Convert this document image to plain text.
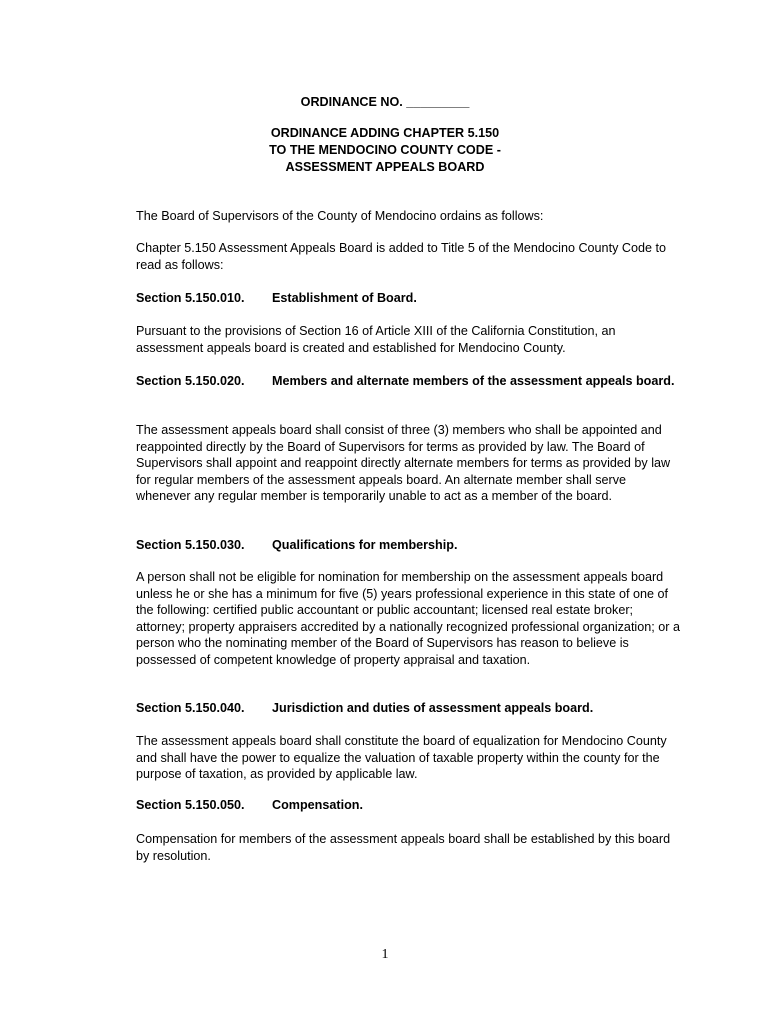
ORDINANCE NO. _________

ORDINANCE ADDING CHAPTER 5.150

TO THE MENDOCINO COUNTY CODE -

ASSESSMENT APPEALS BOARD

The Board of Supervisors of the County of Mendocino ordains as follows:

Chapter 5.150 Assessment Appeals Board is added to Title 5 of the Mendocino County Code to read as follows:

Section 5.150.010.	Establishment of Board.

Pursuant to the provisions of Section 16 of Article XIII of the California Constitution, an assessment appeals board is created and established for Mendocino County.

Section 5.150.020.	Members and alternate members of the assessment appeals board.

The assessment appeals board shall consist of three (3) members who shall be appointed and reappointed directly by the Board of Supervisors for terms as provided by law. The Board of Supervisors shall appoint and reappoint directly alternate members for terms as provided by law for regular members of the assessment appeals board. An alternate member shall serve whenever any regular member is temporarily unable to act as a member of the board.

Section 5.150.030.	Qualifications for membership.

A person shall not be eligible for nomination for membership on the assessment appeals board unless he or she has a minimum for five (5) years professional experience in this state of one of the following: certified public accountant or public accountant; licensed real estate broker; attorney; property appraisers accredited by a nationally recognized professional organization; or a person who the nominating member of the Board of Supervisors has reason to believe is possessed of competent knowledge of property appraisal and taxation.

Section 5.150.040.	Jurisdiction and duties of assessment appeals board.

The assessment appeals board shall constitute the board of equalization for Mendocino County and shall have the power to equalize the valuation of taxable property within the county for the purpose of taxation, as provided by applicable law.

Section 5.150.050.	Compensation.

Compensation for members of the assessment appeals board shall be established by this board by resolution.

1
